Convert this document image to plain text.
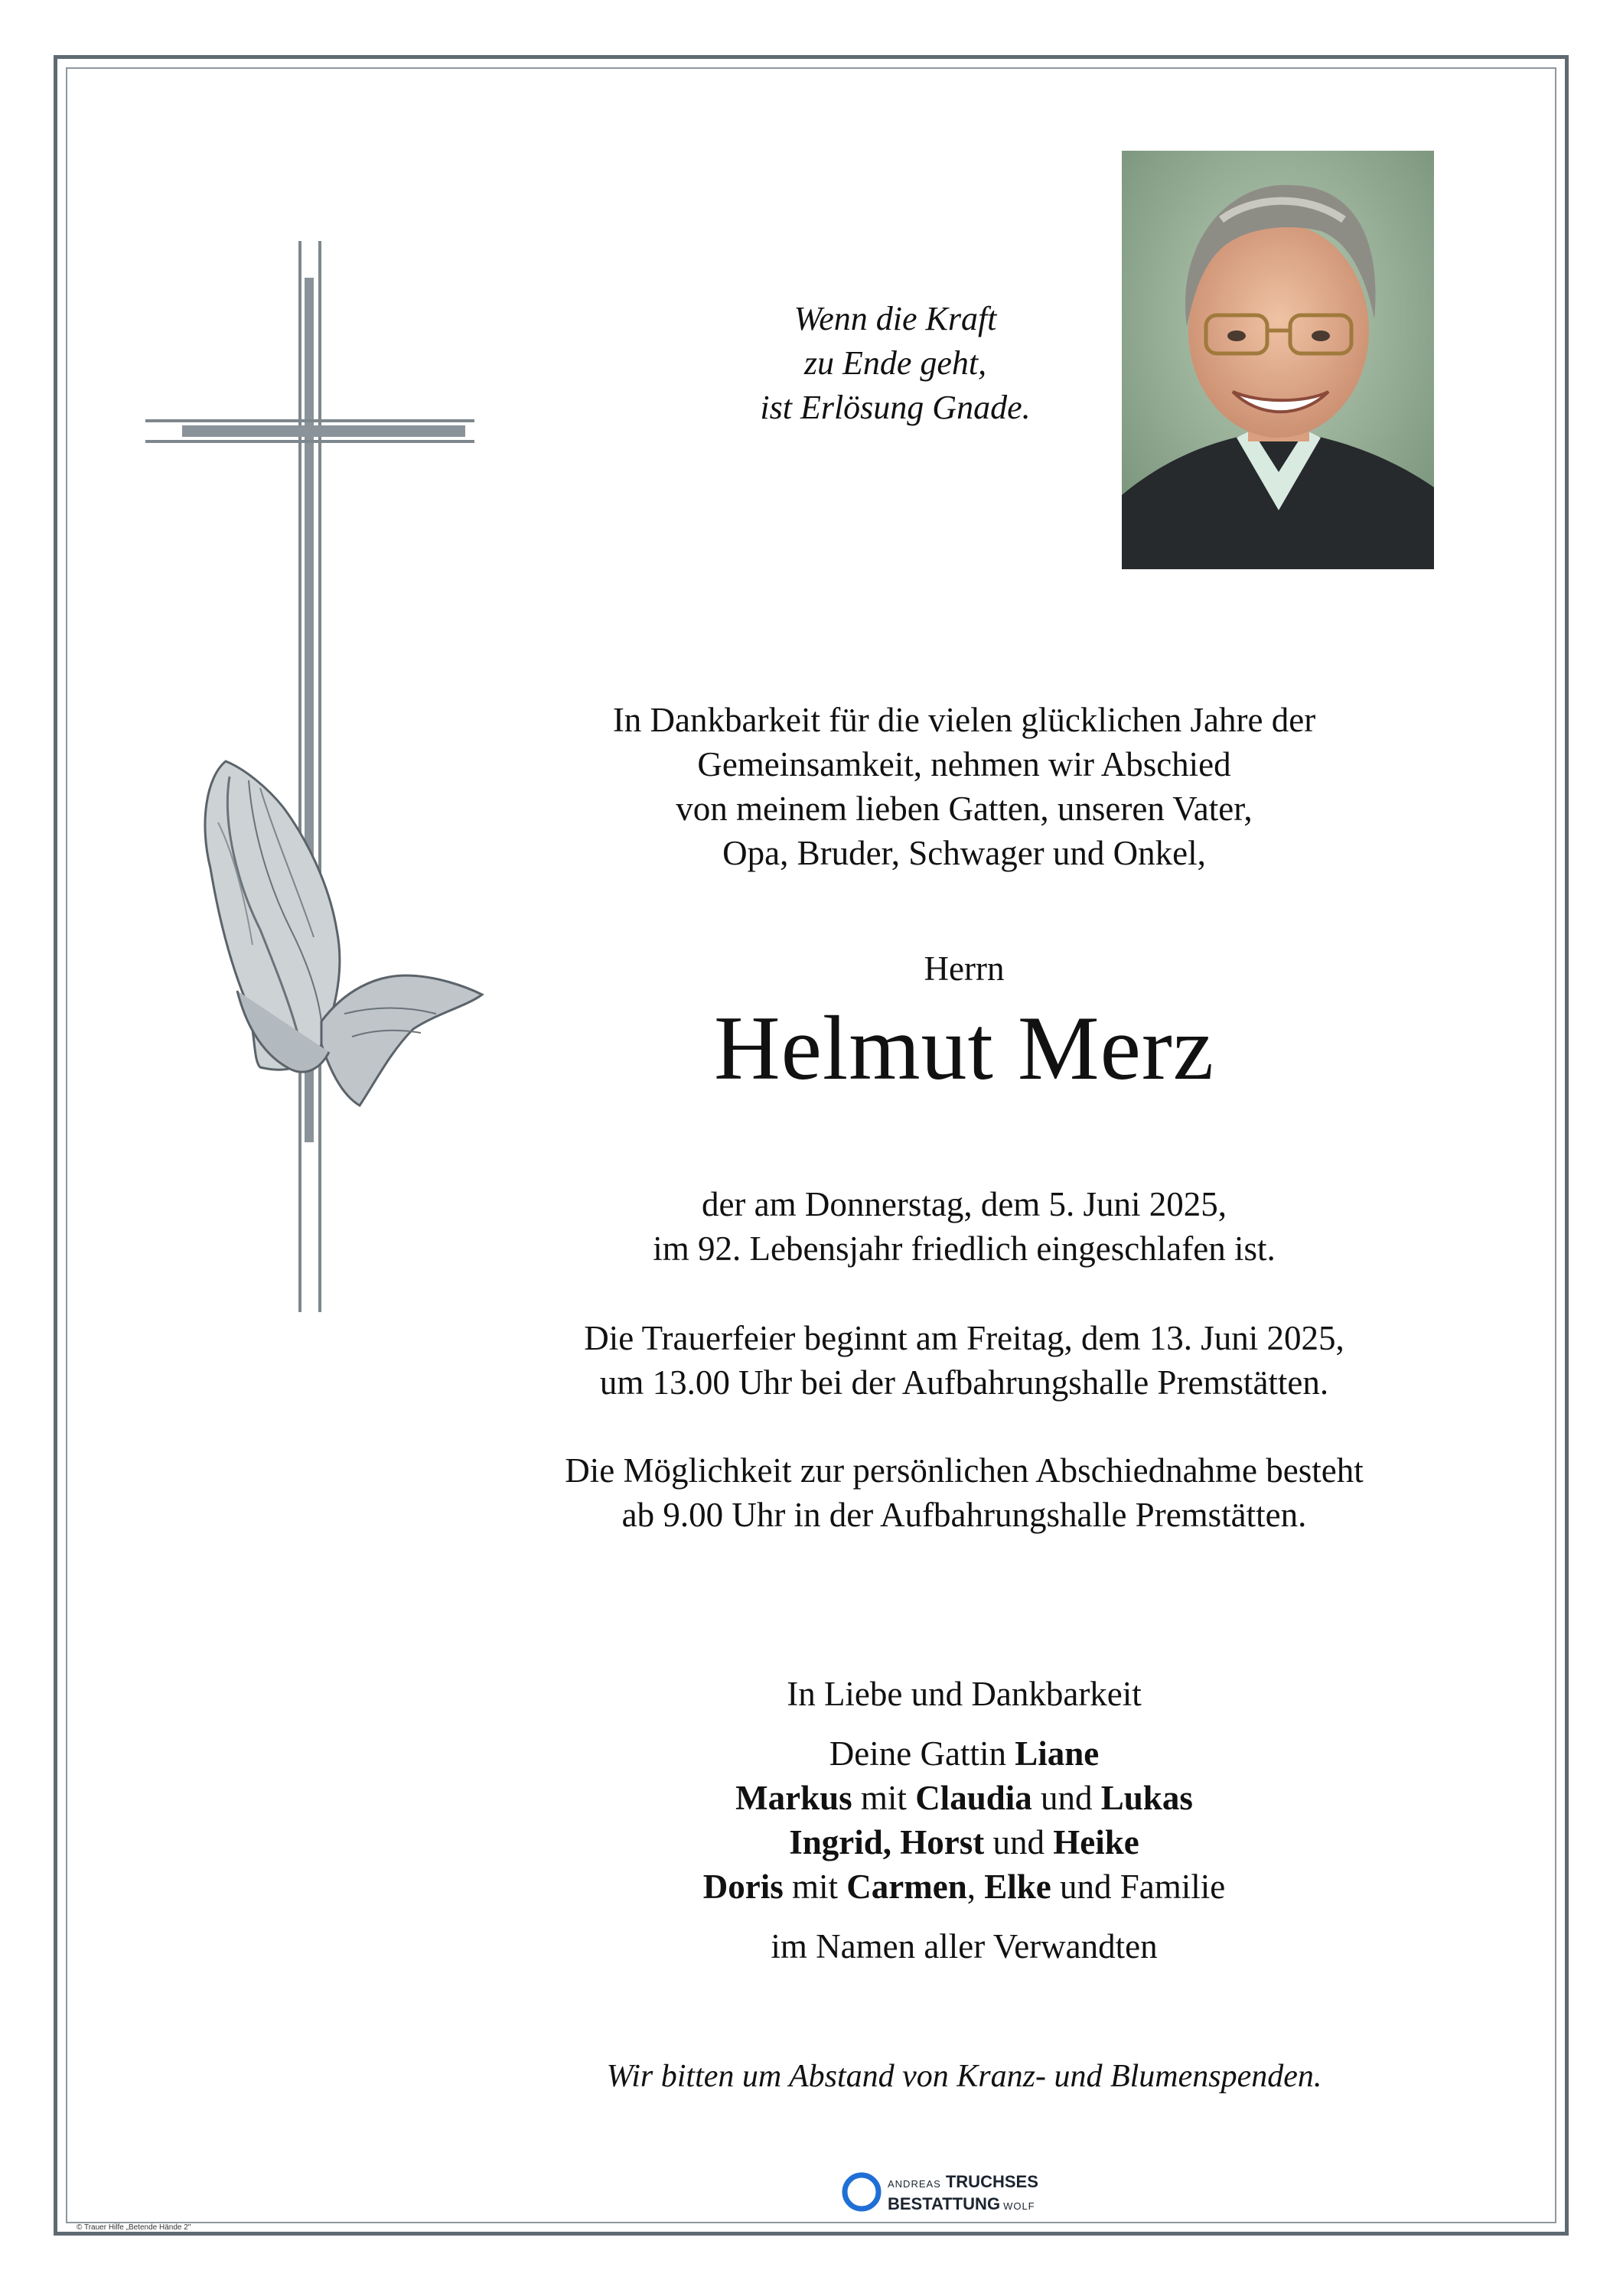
Wenn die Kraft
zu Ende geht,
ist Erlösung Gnade.
In Dankbarkeit für die vielen glücklichen Jahre der
Gemeinsamkeit, nehmen wir Abschied
von meinem lieben Gatten, unseren Vater,
Opa, Bruder, Schwager und Onkel,
Herrn
Helmut Merz
der am Donnerstag, dem 5. Juni 2025,
im 92. Lebensjahr friedlich eingeschlafen ist.
Die Trauerfeier beginnt am Freitag, dem 13. Juni 2025,
um 13.00 Uhr bei der Aufbahrungshalle Premstätten.
Die Möglichkeit zur persönlichen Abschiednahme besteht
ab 9.00 Uhr in der Aufbahrungshalle Premstätten.
In Liebe und Dankbarkeit
Deine Gattin Liane
Markus mit Claudia und Lukas
Ingrid, Horst und Heike
Doris mit Carmen, Elke und Familie
im Namen aller Verwandten
Wir bitten um Abstand von Kranz- und Blumenspenden.
ANDREAS TRUCHSES
BESTATTUNG WOLF
© Trauer Hilfe „Betende Hände 2"
